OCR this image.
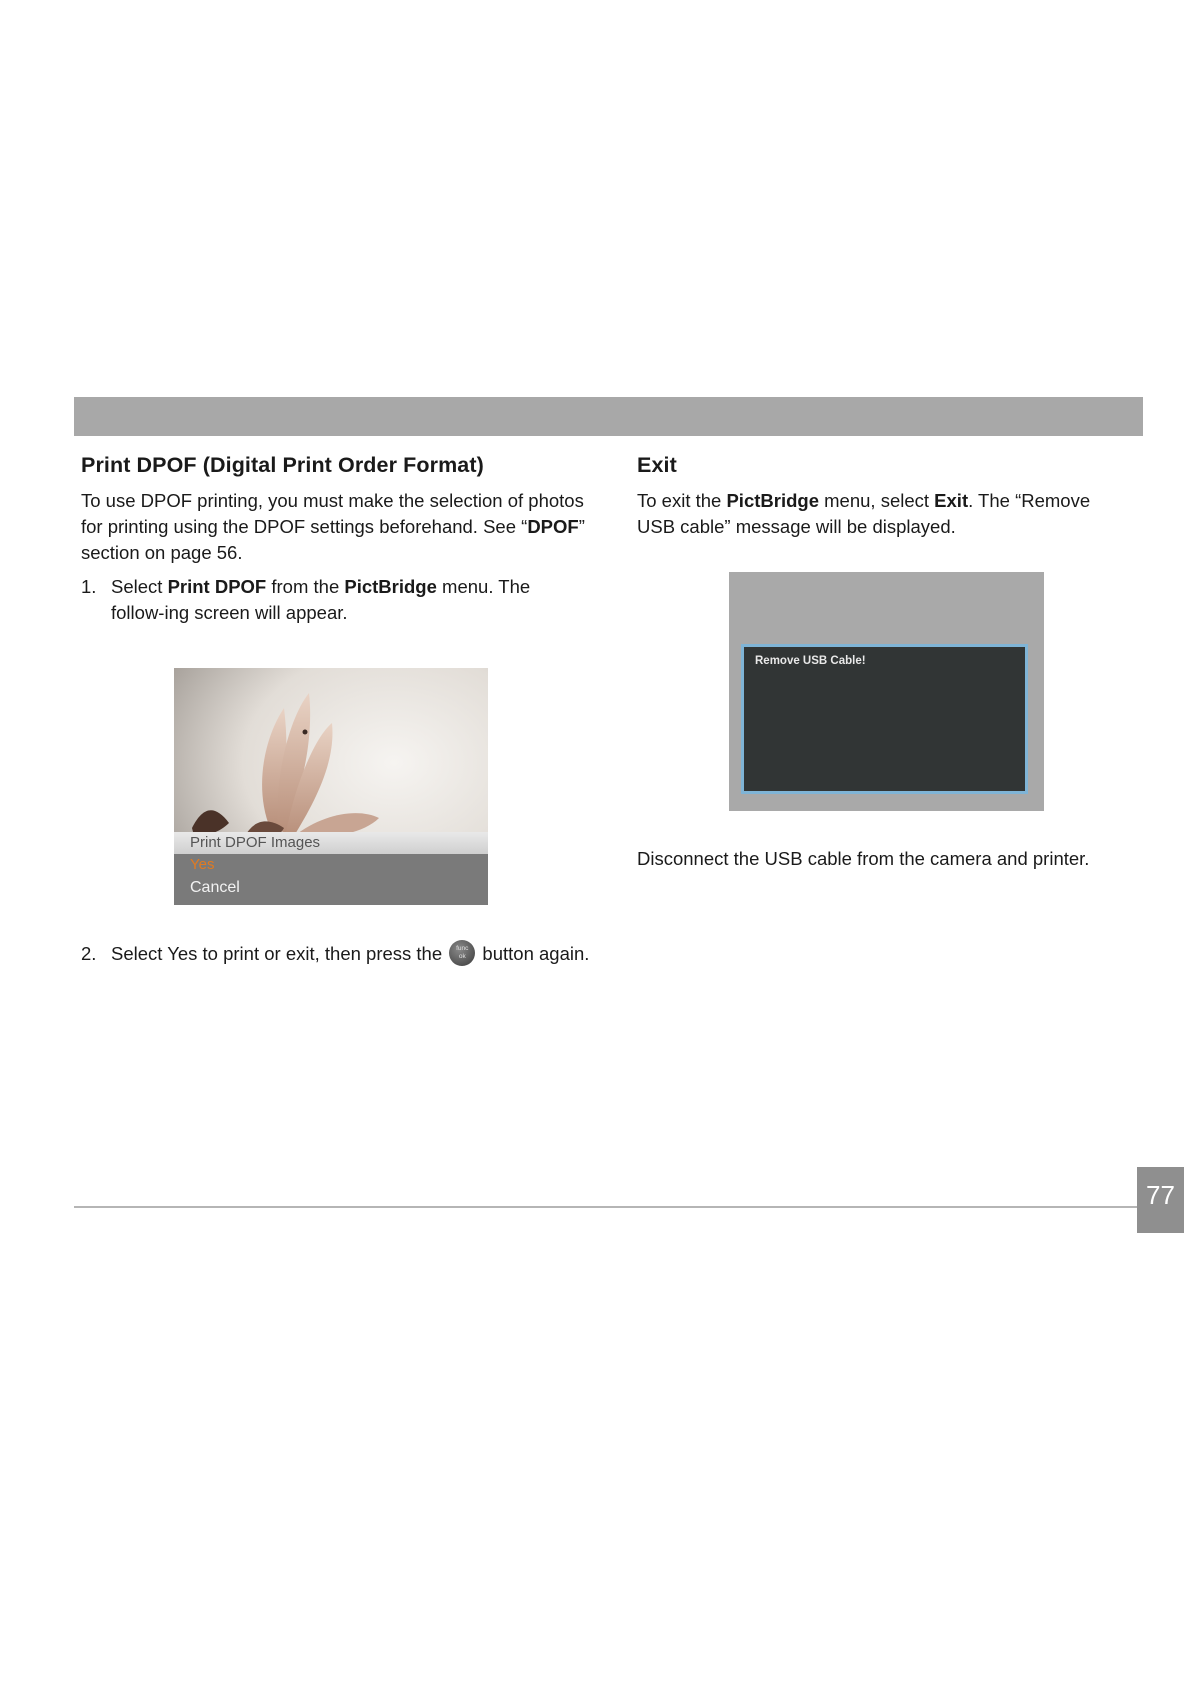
Print DPOF (Digital Print Order Format)

To use DPOF printing, you must make the selection of photos for printing using the DPOF settings beforehand. See “DPOF” section on page 56.

1. Select Print DPOF from the PictBridge menu. The follow-ing screen will appear.
Print DPOF Images
Yes
Cancel
2. Select Yes to print or exit, then press the func
ok button again.
Exit

To exit the PictBridge menu, select Exit. The “Remove USB cable” message will be displayed.

Remove USB Cable!
Disconnect the USB cable from the camera and printer.
77
